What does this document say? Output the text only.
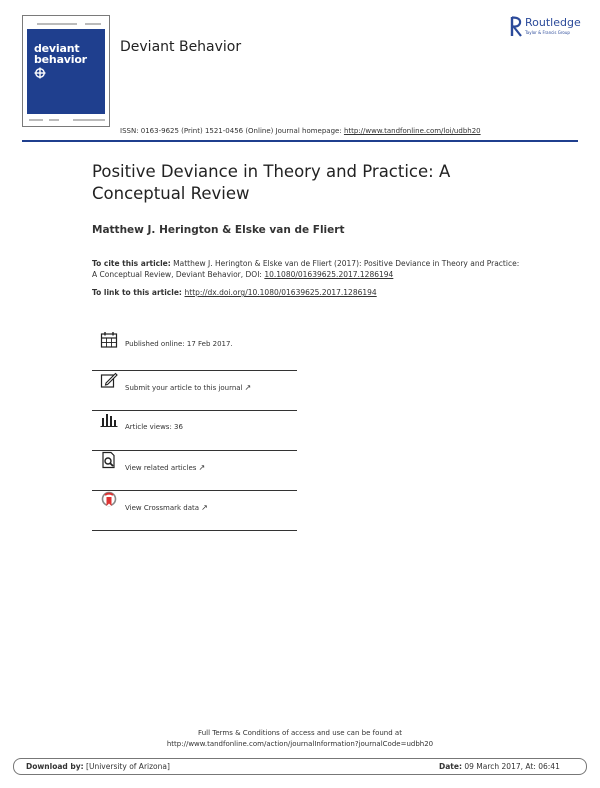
deviant
behavior
Deviant Behavior
Routledge
Taylor & Francis Group
ISSN: 0163-9625 (Print) 1521-0456 (Online) Journal homepage: http://www.tandfonline.com/loi/udbh20
Positive Deviance in Theory and Practice: A Conceptual Review
Matthew J. Herington & Elske van de Fliert
To cite this article: Matthew J. Herington & Elske van de Fliert (2017): Positive Deviance in Theory and Practice: A Conceptual Review, Deviant Behavior, DOI: 10.1080/01639625.2017.1286194
To link to this article: http://dx.doi.org/10.1080/01639625.2017.1286194
Published online: 17 Feb 2017.
Submit your article to this journal ↗
Article views: 36
View related articles ↗
View Crossmark data ↗
Full Terms & Conditions of access and use can be found at
http://www.tandfonline.com/action/journalInformation?journalCode=udbh20
Download by: [University of Arizona]	Date: 09 March 2017, At: 06:41
